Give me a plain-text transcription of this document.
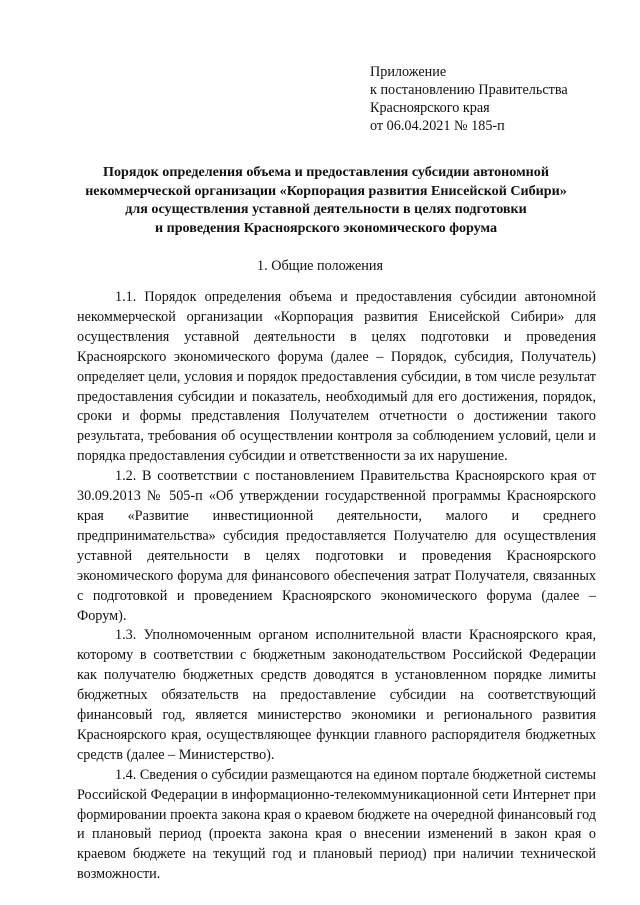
Приложение
к постановлению Правительства
Красноярского края
от 06.04.2021 № 185-п
Порядок определения объема и предоставления субсидии автономной
некоммерческой организации «Корпорация развития Енисейской Сибири»
для осуществления уставной деятельности в целях подготовки
и проведения Красноярского экономического форума
1. Общие положения

1.1. Порядок определения объема и предоставления субсидии автономной некоммерческой организации «Корпорация развития Енисейской Сибири» для осуществления уставной деятельности в целях подготовки и проведения Красноярского экономического форума (далее – Порядок, субсидия, Получатель) определяет цели, условия и порядок предоставления субсидии, в том числе результат предоставления субсидии и показатель, необходимый для его достижения, порядок, сроки и формы представления Получателем отчетности о достижении такого результата, требования об осуществлении контроля за соблюдением условий, цели и порядка предоставления субсидии и ответственности за их нарушение.

1.2. В соответствии с постановлением Правительства Красноярского края от 30.09.2013 № 505-п «Об утверждении государственной программы Красноярского края «Развитие инвестиционной деятельности, малого и среднего предпринимательства» субсидия предоставляется Получателю для осуществления уставной деятельности в целях подготовки и проведения Красноярского экономического форума для финансового обеспечения затрат Получателя, связанных с подготовкой и проведением Красноярского экономического форума (далее – Форум).

1.3. Уполномоченным органом исполнительной власти Красноярского края, которому в соответствии с бюджетным законодательством Российской Федерации как получателю бюджетных средств доводятся в установленном порядке лимиты бюджетных обязательств на предоставление субсидии на соответствующий финансовый год, является министерство экономики и регионального развития Красноярского края, осуществляющее функции главного распорядителя бюджетных средств (далее – Министерство).

1.4. Сведения о субсидии размещаются на едином портале бюджетной системы Российской Федерации в информационно-телекоммуникационной сети Интернет при формировании проекта закона края о краевом бюджете на очередной финансовый год и плановый период (проекта закона края о внесении изменений в закон края о краевом бюджете на текущий год и плановый период) при наличии технической возможности.
